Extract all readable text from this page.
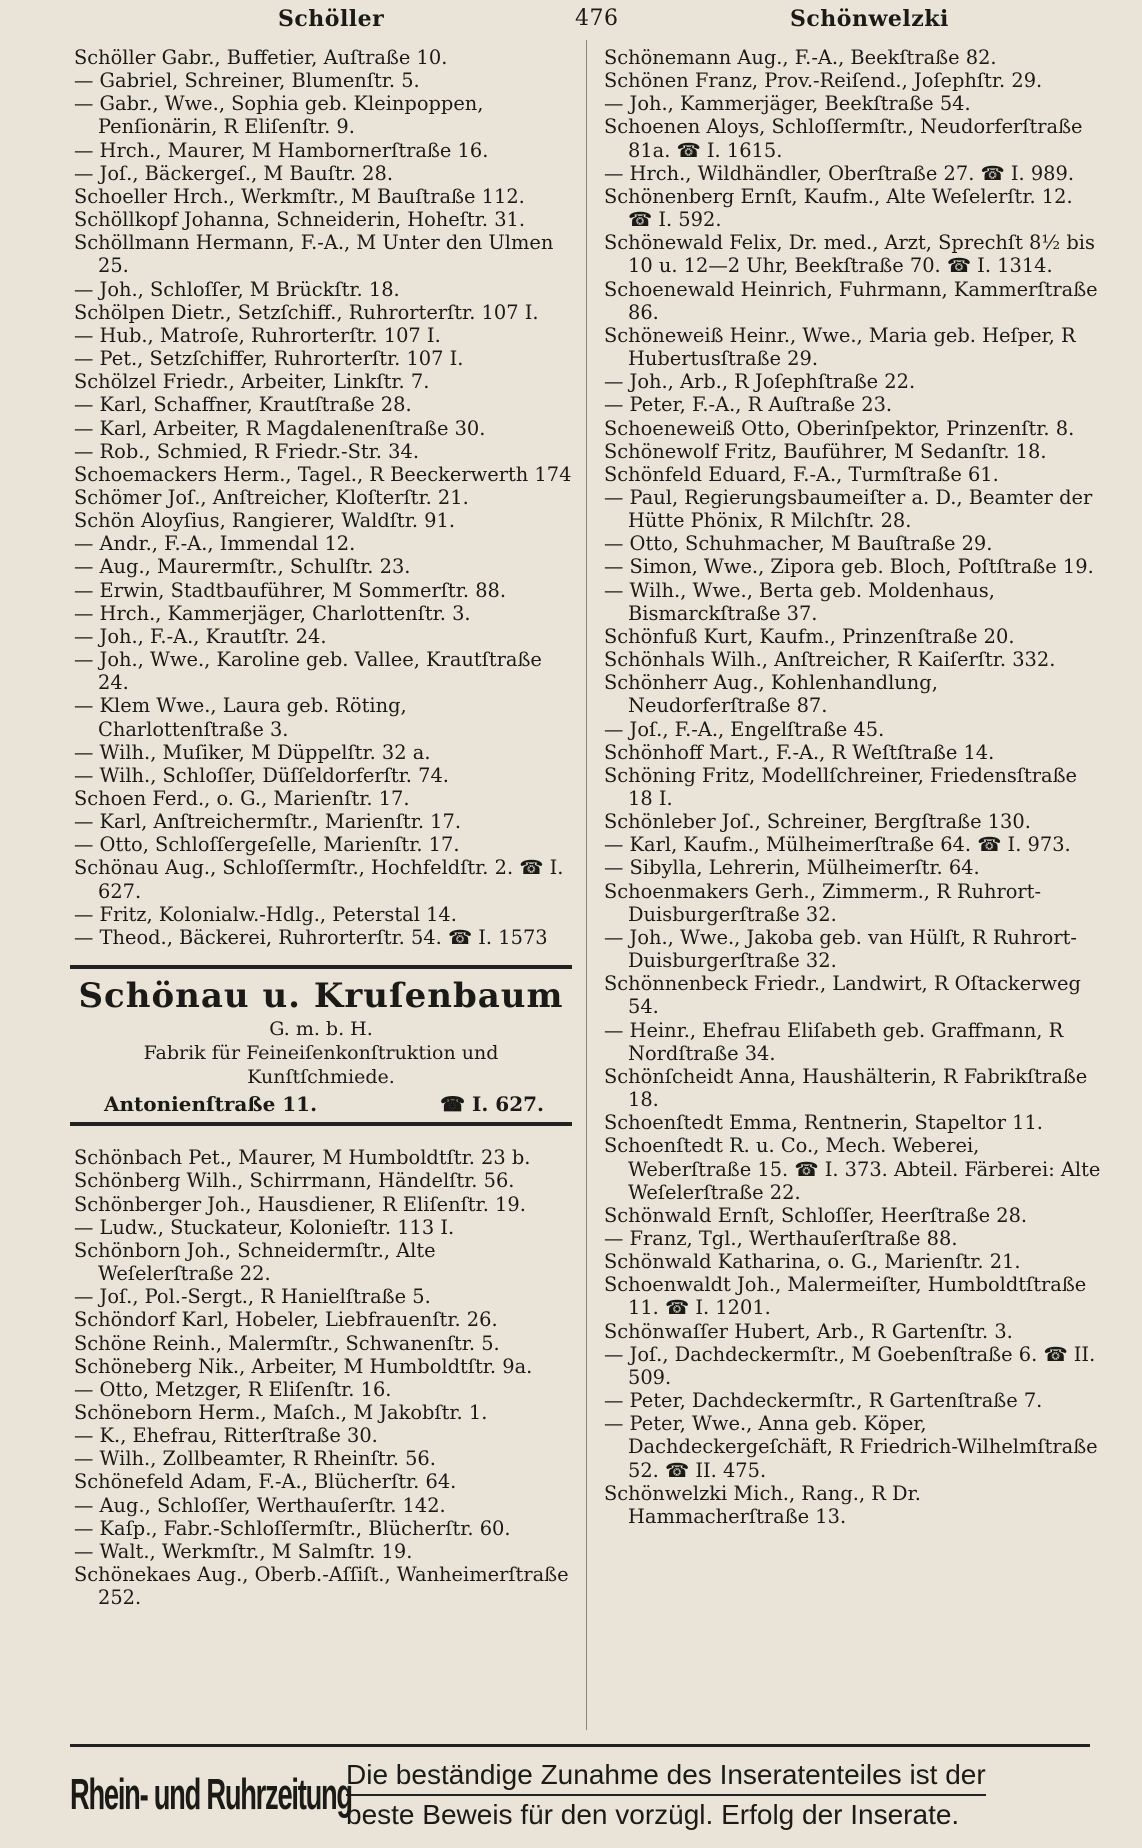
Schöller	476	Schönwelzki
Schöller Gabr., Buffetier, Auſtraße 10.
— Gabriel, Schreiner, Blumenſtr. 5.
— Gabr., Wwe., Sophia geb. Kleinpoppen, Penſionärin, R Eliſenſtr. 9.
— Hrch., Maurer, M Hambornerſtraße 16.
— Joſ., Bäckergeſ., M Bauſtr. 28.
Schoeller Hrch., Werkmſtr., M Bauſtraße 112.
Schöllkopf Johanna, Schneiderin, Hoheſtr. 31.
Schöllmann Hermann, F.-A., M Unter den Ulmen 25.
— Joh., Schloſſer, M Brückſtr. 18.
Schölpen Dietr., Setzſchiff., Ruhrorterſtr. 107 I.
— Hub., Matroſe, Ruhrorterſtr. 107 I.
— Pet., Setzſchiffer, Ruhrorterſtr. 107 I.
Schölzel Friedr., Arbeiter, Linkſtr. 7.
— Karl, Schaffner, Krautſtraße 28.
— Karl, Arbeiter, R Magdalenenſtraße 30.
— Rob., Schmied, R Friedr.-Str. 34.
Schoemackers Herm., Tagel., R Beeckerwerth 174
Schömer Joſ., Anſtreicher, Kloſterſtr. 21.
Schön Aloyſius, Rangierer, Waldſtr. 91.
— Andr., F.-A., Immendal 12.
— Aug., Maurermſtr., Schulſtr. 23.
— Erwin, Stadtbauführer, M Sommerſtr. 88.
— Hrch., Kammerjäger, Charlottenſtr. 3.
— Joh., F.-A., Krautſtr. 24.
— Joh., Wwe., Karoline geb. Vallee, Krautſtraße 24.
— Klem Wwe., Laura geb. Röting, Charlottenſtraße 3.
— Wilh., Muſiker, M Düppelſtr. 32 a.
— Wilh., Schloſſer, Düſſeldorferſtr. 74.
Schoen Ferd., o. G., Marienſtr. 17.
— Karl, Anſtreichermſtr., Marienſtr. 17.
— Otto, Schloſſergeſelle, Marienſtr. 17.
Schönau Aug., Schloſſermſtr., Hochfeldſtr. 2. ☎ I. 627.
— Fritz, Kolonialw.-Hdlg., Peterstal 14.
— Theod., Bäckerei, Ruhrorterſtr. 54. ☎ I. 1573
Schönau u. Kruſenbaum
G. m. b. H.
Fabrik für Feineiſenkonſtruktion und
Kunſtſchmiede.
Antonienſtraße 11.	☎ I. 627.
Schönbach Pet., Maurer, M Humboldtſtr. 23 b.
Schönberg Wilh., Schirrmann, Händelſtr. 56.
Schönberger Joh., Hausdiener, R Eliſenſtr. 19.
— Ludw., Stuckateur, Kolonieſtr. 113 I.
Schönborn Joh., Schneidermſtr., Alte Weſelerſtraße 22.
— Joſ., Pol.-Sergt., R Hanielſtraße 5.
Schöndorf Karl, Hobeler, Liebfrauenſtr. 26.
Schöne Reinh., Malermſtr., Schwanenſtr. 5.
Schöneberg Nik., Arbeiter, M Humboldtſtr. 9a.
— Otto, Metzger, R Eliſenſtr. 16.
Schöneborn Herm., Maſch., M Jakobſtr. 1.
— K., Ehefrau, Ritterſtraße 30.
— Wilh., Zollbeamter, R Rheinſtr. 56.
Schönefeld Adam, F.-A., Blücherſtr. 64.
— Aug., Schloſſer, Werthauſerſtr. 142.
— Kaſp., Fabr.-Schloſſermſtr., Blücherſtr. 60.
— Walt., Werkmſtr., M Salmſtr. 19.
Schönekaes Aug., Oberb.-Aſſiſt., Wanheimerſtraße 252.
Schönemann Aug., F.-A., Beekſtraße 82.
Schönen Franz, Prov.-Reiſend., Joſephſtr. 29.
— Joh., Kammerjäger, Beekſtraße 54.
Schoenen Aloys, Schloſſermſtr., Neudorferſtraße 81a. ☎ I. 1615.
— Hrch., Wildhändler, Oberſtraße 27. ☎ I. 989.
Schönenberg Ernſt, Kaufm., Alte Weſelerſtr. 12. ☎ I. 592.
Schönewald Felix, Dr. med., Arzt, Sprechſt 8½ bis 10 u. 12—2 Uhr, Beekſtraße 70. ☎ I. 1314.
Schoenewald Heinrich, Fuhrmann, Kammerſtraße 86.
Schöneweiß Heinr., Wwe., Maria geb. Heſper, R Hubertusſtraße 29.
— Joh., Arb., R Joſephſtraße 22.
— Peter, F.-A., R Auſtraße 23.
Schoeneweiß Otto, Oberinſpektor, Prinzenſtr. 8.
Schönewolf Fritz, Bauführer, M Sedanſtr. 18.
Schönfeld Eduard, F.-A., Turmſtraße 61.
— Paul, Regierungsbaumeiſter a. D., Beamter der Hütte Phönix, R Milchſtr. 28.
— Otto, Schuhmacher, M Bauſtraße 29.
— Simon, Wwe., Zipora geb. Bloch, Poſtſtraße 19.
— Wilh., Wwe., Berta geb. Moldenhaus, Bismarckſtraße 37.
Schönfuß Kurt, Kaufm., Prinzenſtraße 20.
Schönhals Wilh., Anſtreicher, R Kaiſerſtr. 332.
Schönherr Aug., Kohlenhandlung, Neudorferſtraße 87.
— Joſ., F.-A., Engelſtraße 45.
Schönhoff Mart., F.-A., R Weſtſtraße 14.
Schöning Fritz, Modellſchreiner, Friedensſtraße 18 I.
Schönleber Joſ., Schreiner, Bergſtraße 130.
— Karl, Kaufm., Mülheimerſtraße 64. ☎ I. 973.
— Sibylla, Lehrerin, Mülheimerſtr. 64.
Schoenmakers Gerh., Zimmerm., R Ruhrort-Duisburgerſtraße 32.
— Joh., Wwe., Jakoba geb. van Hülſt, R Ruhrort-Duisburgerſtraße 32.
Schönnenbeck Friedr., Landwirt, R Oſtackerweg 54.
— Heinr., Ehefrau Eliſabeth geb. Graffmann, R Nordſtraße 34.
Schönſcheidt Anna, Haushälterin, R Fabrikſtraße 18.
Schoenſtedt Emma, Rentnerin, Stapeltor 11.
Schoenſtedt R. u. Co., Mech. Weberei, Weberſtraße 15. ☎ I. 373. Abteil. Färberei: Alte Weſelerſtraße 22.
Schönwald Ernſt, Schloſſer, Heerſtraße 28.
— Franz, Tgl., Werthauſerſtraße 88.
Schönwald Katharina, o. G., Marienſtr. 21.
Schoenwaldt Joh., Malermeiſter, Humboldtſtraße 11. ☎ I. 1201.
Schönwaſſer Hubert, Arb., R Gartenſtr. 3.
— Joſ., Dachdeckermſtr., M Goebenſtraße 6. ☎ II. 509.
— Peter, Dachdeckermſtr., R Gartenſtraße 7.
— Peter, Wwe., Anna geb. Köper, Dachdeckergeſchäft, R Friedrich-Wilhelmſtraße 52. ☎ II. 475.
Schönwelzki Mich., Rang., R Dr. Hammacherſtraße 13.
Rhein- und Ruhrzeitung
Die beständige Zunahme des Inseratenteiles ist der
beste Beweis für den vorzügl. Erfolg der Inserate.
